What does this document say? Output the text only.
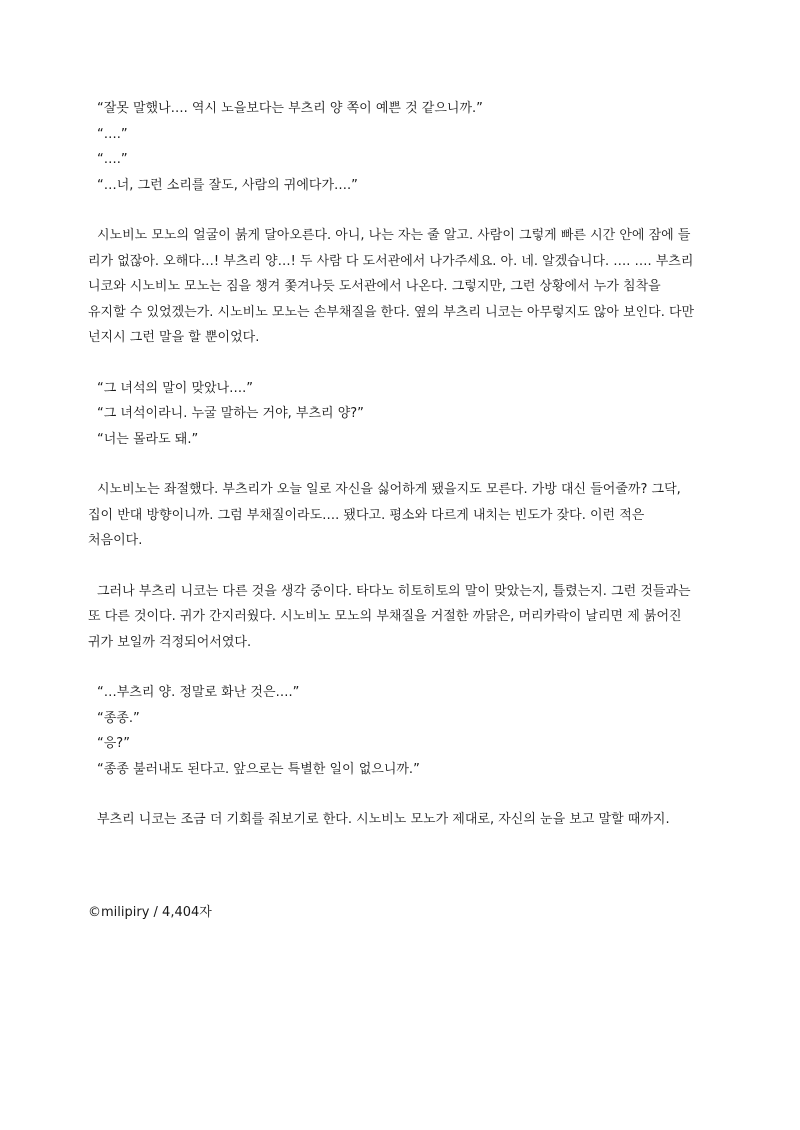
“잘못 말했나…. 역시 노을보다는 부츠리 양 쪽이 예쁜 것 같으니까.”

“….”

“….”

“…너, 그런 소리를 잘도, 사람의 귀에다가….”

시노비노 모노의 얼굴이 붉게 달아오른다. 아니, 나는 자는 줄 알고. 사람이 그렇게 빠른 시간 안에 잠에 들

리가 없잖아. 오해다…! 부츠리 양…! 두 사람 다 도서관에서 나가주세요. 아. 네. 알겠습니다. …. …. 부츠리

니코와 시노비노 모노는 짐을 챙겨 쫓겨나듯 도서관에서 나온다. 그렇지만, 그런 상황에서 누가 침착을

유지할 수 있었겠는가. 시노비노 모노는 손부채질을 한다. 옆의 부츠리 니코는 아무렇지도 않아 보인다. 다만

넌지시 그런 말을 할 뿐이었다.

“그 녀석의 말이 맞았나….”

“그 녀석이라니. 누굴 말하는 거야, 부츠리 양?”

“너는 몰라도 돼.”

시노비노는 좌절했다. 부츠리가 오늘 일로 자신을 싫어하게 됐을지도 모른다. 가방 대신 들어줄까? 그닥,

집이 반대 방향이니까. 그럼 부채질이라도…. 됐다고. 평소와 다르게 내치는 빈도가 잦다. 이런 적은

처음이다.

그러나 부츠리 니코는 다른 것을 생각 중이다. 타다노 히토히토의 말이 맞았는지, 틀렸는지. 그런 것들과는

또 다른 것이다. 귀가 간지러웠다. 시노비노 모노의 부채질을 거절한 까닭은, 머리카락이 날리면 제 붉어진

귀가 보일까 걱정되어서였다.

“…부츠리 양. 정말로 화난 것은….”

“종종.”

“응?”

“종종 불러내도 된다고. 앞으로는 특별한 일이 없으니까.”

부츠리 니코는 조금 더 기회를 줘보기로 한다. 시노비노 모노가 제대로, 자신의 눈을 보고 말할 때까지.

©milipiry / 4,404자
